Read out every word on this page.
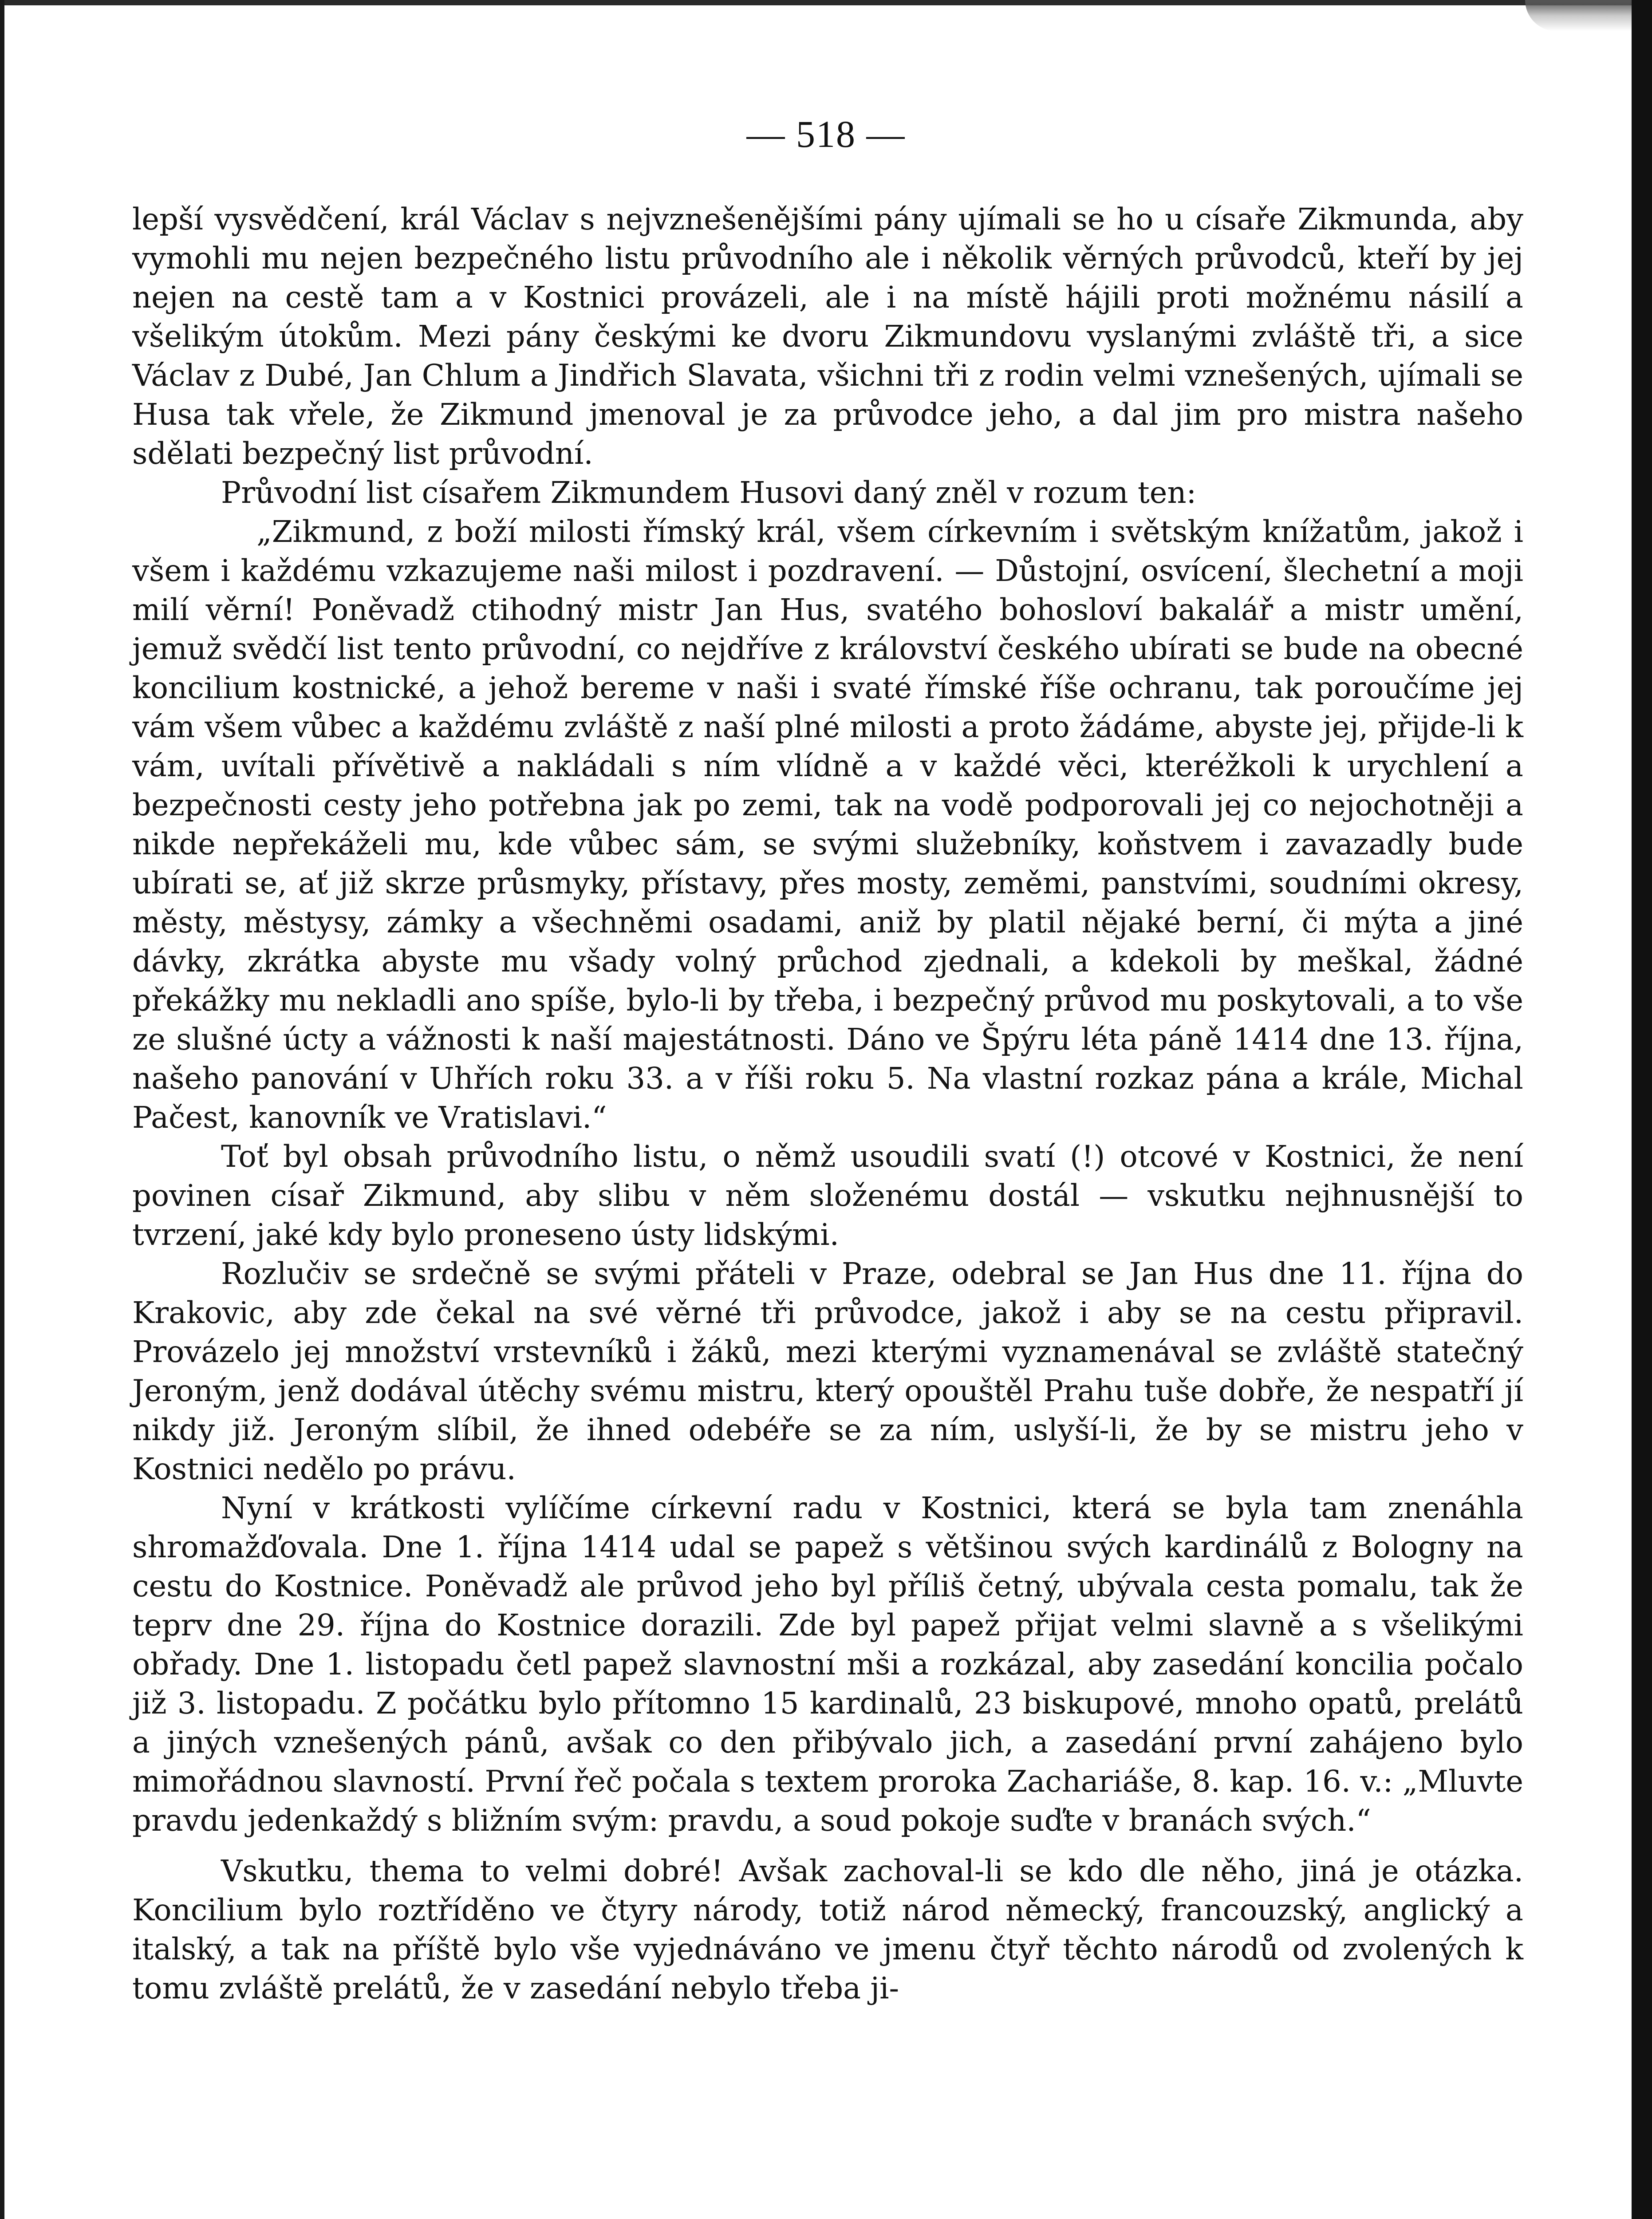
— 518 —

lepší vysvědčení, král Václav s nejvznešenějšími pány ujímali se ho u císaře Zikmunda, aby vymohli mu nejen bezpečného listu průvodního ale i několik věrných průvodců, kteří by jej nejen na cestě tam a v Kostnici provázeli, ale i na místě hájili proti možnému násilí a všelikým útokům. Mezi pány českými ke dvoru Zikmundovu vyslanými zvláště tři, a sice Václav z Dubé, Jan Chlum a Jindřich Slavata, všichni tři z rodin velmi vznešených, ujímali se Husa tak vřele, že Zikmund jmenoval je za průvodce jeho, a dal jim pro mistra našeho sdělati bezpečný list průvodní.

Průvodní list císařem Zikmundem Husovi daný zněl v rozum ten:

„Zikmund, z boží milosti římský král, všem církevním i světským knížatům, jakož i všem i každému vzkazujeme naši milost i pozdravení. — Důstojní, osvícení, šlechetní a moji milí věrní! Poněvadž ctihodný mistr Jan Hus, svatého bohosloví bakalář a mistr umění, jemuž svědčí list tento průvodní, co nejdříve z království českého ubírati se bude na obecné koncilium kostnické, a jehož bereme v naši i svaté římské říše ochranu, tak poroučíme jej vám všem vůbec a každému zvláště z naší plné milosti a proto žádáme, abyste jej, přijde-li k vám, uvítali přívětivě a nakládali s ním vlídně a v každé věci, kteréžkoli k urychlení a bezpečnosti cesty jeho potřebna jak po zemi, tak na vodě podporovali jej co nejochotněji a nikde nepřekáželi mu, kde vůbec sám, se svými služebníky, koňstvem i zavazadly bude ubírati se, ať již skrze průsmyky, přístavy, přes mosty, zeměmi, panstvími, soudními okresy, městy, městysy, zámky a všechněmi osadami, aniž by platil nějaké berní, či mýta a jiné dávky, zkrátka abyste mu všady volný průchod zjednali, a kdekoli by meškal, žádné překážky mu nekladli ano spíše, bylo-li by třeba, i bezpečný průvod mu poskytovali, a to vše ze slušné úcty a vážnosti k naší majestátnosti. Dáno ve Špýru léta páně 1414 dne 13. října, našeho panování v Uhřích roku 33. a v říši roku 5. Na vlastní rozkaz pána a krále, Michal Pačest, kanovník ve Vratislavi.“

Toť byl obsah průvodního listu, o němž usoudili svatí (!) otcové v Kostnici, že není povinen císař Zikmund, aby slibu v něm složenému dostál — vskutku nejhnusnější to tvrzení, jaké kdy bylo proneseno ústy lidskými.

Rozlučiv se srdečně se svými přáteli v Praze, odebral se Jan Hus dne 11. října do Krakovic, aby zde čekal na své věrné tři průvodce, jakož i aby se na cestu připravil. Provázelo jej množství vrstevníků i žáků, mezi kterými vyznamenával se zvláště statečný Jeroným, jenž dodával útěchy svému mistru, který opouštěl Prahu tuše dobře, že nespatří jí nikdy již. Jeroným slíbil, že ihned odebéře se za ním, uslyší-li, že by se mistru jeho v Kostnici nedělo po právu.

Nyní v krátkosti vylíčíme církevní radu v Kostnici, která se byla tam znenáhla shromažďovala. Dne 1. října 1414 udal se papež s většinou svých kardinálů z Bologny na cestu do Kostnice. Poněvadž ale průvod jeho byl příliš četný, ubývala cesta pomalu, tak že teprv dne 29. října do Kostnice dorazili. Zde byl papež přijat velmi slavně a s všelikými obřady. Dne 1. listopadu četl papež slavnostní mši a rozkázal, aby zasedání koncilia počalo již 3. listopadu. Z počátku bylo přítomno 15 kardinalů, 23 biskupové, mnoho opatů, prelátů a jiných vznešených pánů, avšak co den přibývalo jich, a zasedání první zahájeno bylo mimořádnou slavností. První řeč počala s textem proroka Zachariáše, 8. kap. 16. v.: „Mluvte pravdu jedenkaždý s bližním svým: pravdu, a soud pokoje suďte v branách svých.“

Vskutku, thema to velmi dobré! Avšak zachoval-li se kdo dle něho, jiná je otázka. Koncilium bylo roztříděno ve čtyry národy, totiž národ německý, francouzský, anglický a italský, a tak na příště bylo vše vyjednáváno ve jmenu čtyř těchto národů od zvolených k tomu zvláště prelátů, že v zasedání nebylo třeba ji-
